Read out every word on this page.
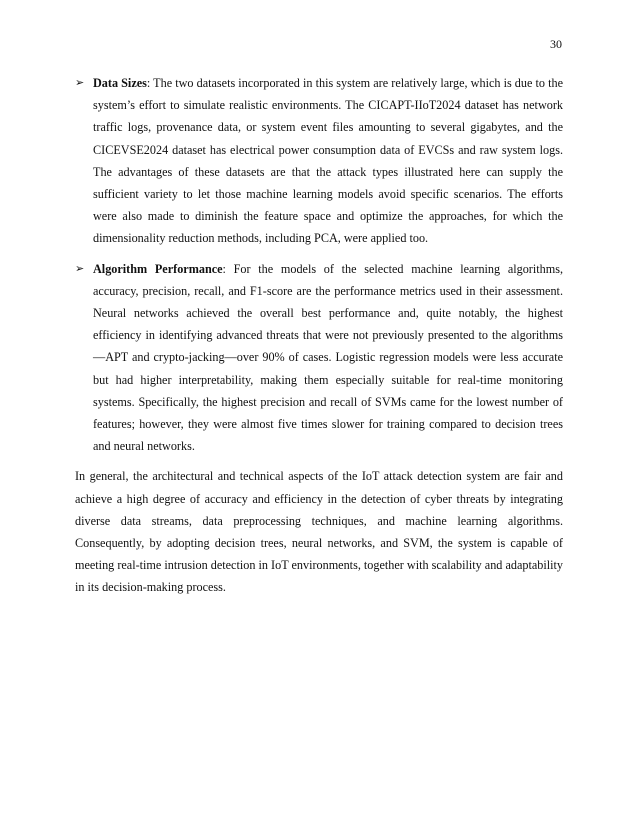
30
➢ Data Sizes: The two datasets incorporated in this system are relatively large, which is due to the system’s effort to simulate realistic environments. The CICAPT-IIoT2024 dataset has network traffic logs, provenance data, or system event files amounting to several gigabytes, and the CICEVSE2024 dataset has electrical power consumption data of EVCSs and raw system logs. The advantages of these datasets are that the attack types illustrated here can supply the sufficient variety to let those machine learning models avoid specific scenarios. The efforts were also made to diminish the feature space and optimize the approaches, for which the dimensionality reduction methods, including PCA, were applied too.
➢ Algorithm Performance: For the models of the selected machine learning algorithms, accuracy, precision, recall, and F1-score are the performance metrics used in their assessment. Neural networks achieved the overall best performance and, quite notably, the highest efficiency in identifying advanced threats that were not previously presented to the algorithms—APT and crypto-jacking—over 90% of cases. Logistic regression models were less accurate but had higher interpretability, making them especially suitable for real-time monitoring systems. Specifically, the highest precision and recall of SVMs came for the lowest number of features; however, they were almost five times slower for training compared to decision trees and neural networks.

In general, the architectural and technical aspects of the IoT attack detection system are fair and achieve a high degree of accuracy and efficiency in the detection of cyber threats by integrating diverse data streams, data preprocessing techniques, and machine learning algorithms. Consequently, by adopting decision trees, neural networks, and SVM, the system is capable of meeting real-time intrusion detection in IoT environments, together with scalability and adaptability in its decision-making process.
